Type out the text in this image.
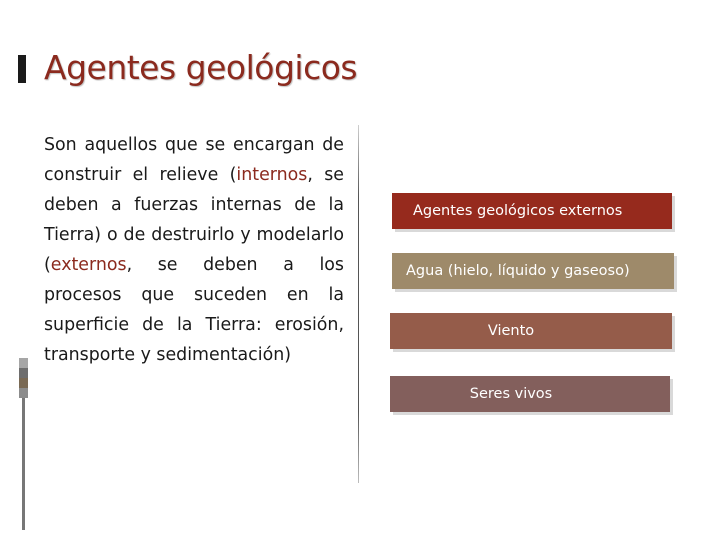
Agentes geológicos
Son aquellos que se encargan de construir el relieve (internos, se deben a fuerzas internas de la Tierra) o de destruirlo y modelarlo (externos, se deben a los procesos que suceden en la superficie de la Tierra: erosión, transporte y sedimentación)
Agentes geológicos externos
Agua (hielo, líquido y gaseoso)
Viento
Seres vivos
